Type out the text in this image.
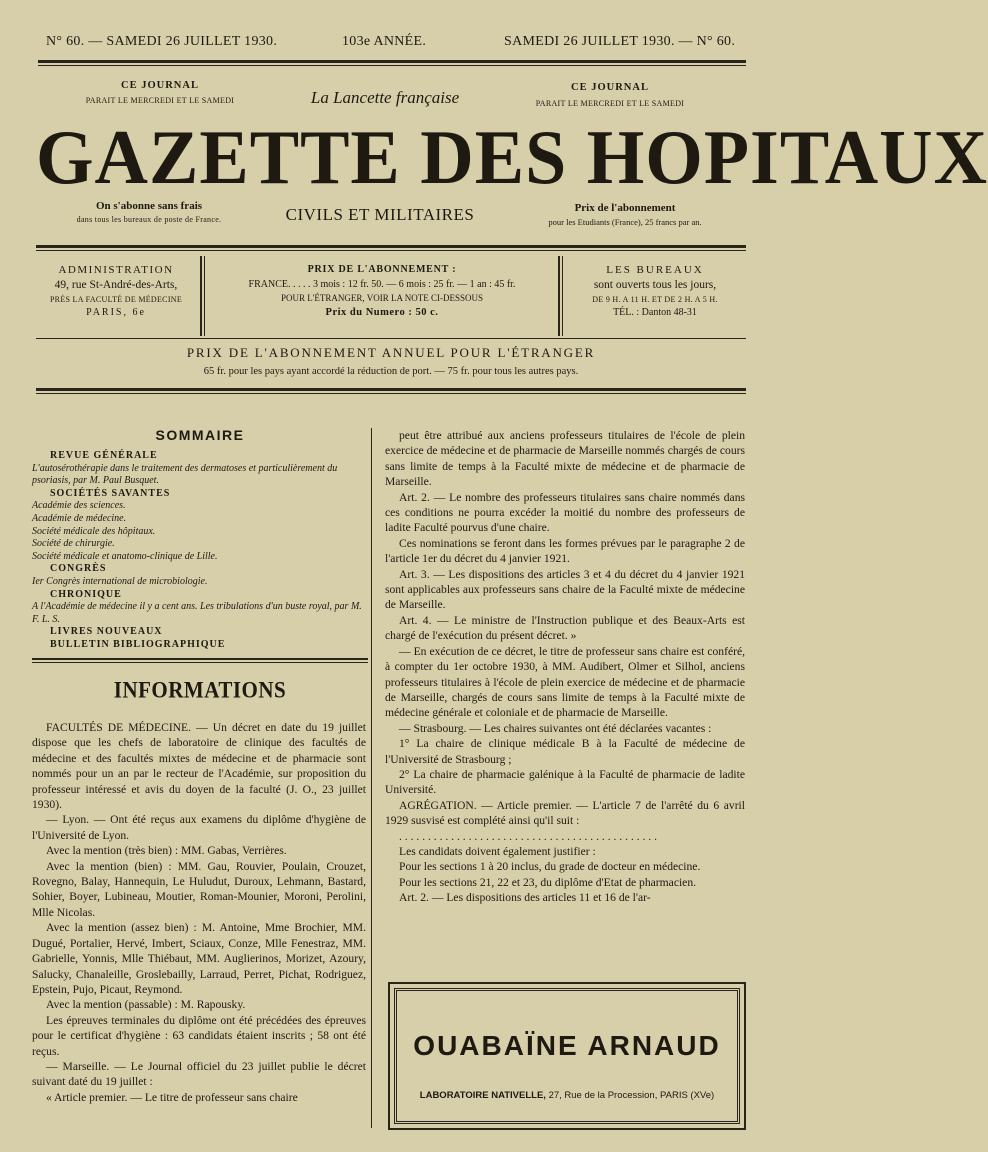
N° 60. — SAMEDI 26 JUILLET 1930.	103e ANNÉE.	SAMEDI 26 JUILLET 1930. — N° 60.
CE JOURNAL
PARAIT LE MERCREDI ET LE SAMEDI	La Lancette française
CE JOURNAL
PARAIT LE MERCREDI ET LE SAMEDI
GAZETTE DES HOPITAUX
On s'abonne sans frais
dans tous les bureaux de poste de France.	CIVILS ET MILITAIRES	Prix de l'abonnement
pour les Etudiants (France), 25 francs par an.
ADMINISTRATION
49, rue St-André-des-Arts,
PRÈS LA FACULTÉ DE MÉDECINE
PARIS, 6e
PRIX DE L'ABONNEMENT :
FRANCE. . . . . 3 mois : 12 fr. 50. — 6 mois : 25 fr. — 1 an : 45 fr.
POUR L'ÉTRANGER, VOIR LA NOTE CI-DESSOUS
Prix du Numero : 50 c.
LES BUREAUX
sont ouverts tous les jours,
DE 9 H. A 11 H. ET DE 2 H. A 5 H.
TÉL. : Danton 48-31
PRIX DE L'ABONNEMENT ANNUEL POUR L'ÉTRANGER
65 fr. pour les pays ayant accordé la réduction de port. — 75 fr. pour tous les autres pays.
SOMMAIRE
REVUE GÉNÉRALE
L'autosérothérapie dans le traitement des dermatoses et particulièrement du psoriasis, par M. Paul Busquet.
SOCIÉTÉS SAVANTES
Académie des sciences.
Académie de médecine.
Société médicale des hôpitaux.
Société de chirurgie.
Société médicale et anatomo-clinique de Lille.
CONGRÈS
Ier Congrès international de microbiologie.
CHRONIQUE
A l'Académie de médecine il y a cent ans. Les tribulations d'un buste royal, par M. F. L. S.
LIVRES NOUVEAUX
BULLETIN BIBLIOGRAPHIQUE
INFORMATIONS

FACULTÉS DE MÉDECINE. — Un décret en date du 19 juillet dispose que les chefs de laboratoire de clinique des facultés de médecine et des facultés mixtes de médecine et de pharmacie sont nommés pour un an par le recteur de l'Académie, sur proposition du professeur intéressé et avis du doyen de la faculté (J. O., 23 juillet 1930).

— Lyon. — Ont été reçus aux examens du diplôme d'hygiène de l'Université de Lyon.

Avec la mention (très bien) : MM. Gabas, Verrières.

Avec la mention (bien) : MM. Gau, Rouvier, Poulain, Crouzet, Rovegno, Balay, Hannequin, Le Huludut, Duroux, Lehmann, Bastard, Sohier, Boyer, Lubineau, Moutier, Roman-Mounier, Moroni, Perolini, Mlle Nicolas.

Avec la mention (assez bien) : M. Antoine, Mme Brochier, MM. Dugué, Portalier, Hervé, Imbert, Sciaux, Conze, Mlle Fenestraz, MM. Gabrielle, Yonnis, Mlle Thiébaut, MM. Auglierinos, Morizet, Azoury, Salucky, Chanaleille, Groslebailly, Larraud, Perret, Pichat, Rodriguez, Epstein, Pujo, Picaut, Reymond.

Avec la mention (passable) : M. Rapousky.

Les épreuves terminales du diplôme ont été précédées des épreuves pour le certificat d'hygiène : 63 candidats étaient inscrits ; 58 ont été reçus.

— Marseille. — Le Journal officiel du 23 juillet publie le décret suivant daté du 19 juillet :

« Article premier. — Le titre de professeur sans chaire

peut être attribué aux anciens professeurs titulaires de l'école de plein exercice de médecine et de pharmacie de Marseille nommés chargés de cours sans limite de temps à la Faculté mixte de médecine et de pharmacie de Marseille.

Art. 2. — Le nombre des professeurs titulaires sans chaire nommés dans ces conditions ne pourra excéder la moitié du nombre des professeurs de ladite Faculté pourvus d'une chaire.

Ces nominations se feront dans les formes prévues par le paragraphe 2 de l'article 1er du décret du 4 janvier 1921.

Art. 3. — Les dispositions des articles 3 et 4 du décret du 4 janvier 1921 sont applicables aux professeurs sans chaire de la Faculté mixte de médecine de Marseille.

Art. 4. — Le ministre de l'Instruction publique et des Beaux-Arts est chargé de l'exécution du présent décret. »

— En exécution de ce décret, le titre de professeur sans chaire est conféré, à compter du 1er octobre 1930, à MM. Audibert, Olmer et Silhol, anciens professeurs titulaires à l'école de plein exercice de médecine et de pharmacie de Marseille, chargés de cours sans limite de temps à la Faculté mixte de médecine générale et coloniale et de pharmacie de Marseille.

— Strasbourg. — Les chaires suivantes ont été déclarées vacantes :

1° La chaire de clinique médicale B à la Faculté de médecine de l'Université de Strasbourg ;

2° La chaire de pharmacie galénique à la Faculté de pharmacie de ladite Université.

AGRÉGATION. — Article premier. — L'article 7 de l'arrêté du 6 avril 1929 susvisé est complété ainsi qu'il suit :

. . . . . . . . . . . . . . . . . . . . . . . . . . . . . . . . . . . . . . . . . . . . .

Les candidats doivent également justifier :

Pour les sections 1 à 20 inclus, du grade de docteur en médecine.

Pour les sections 21, 22 et 23, du diplôme d'Etat de pharmacien.

Art. 2. — Les dispositions des articles 11 et 16 de l'ar-

OUABAÏNE ARNAUD
LABORATOIRE NATIVELLE, 27, Rue de la Procession, PARIS (XVe)
